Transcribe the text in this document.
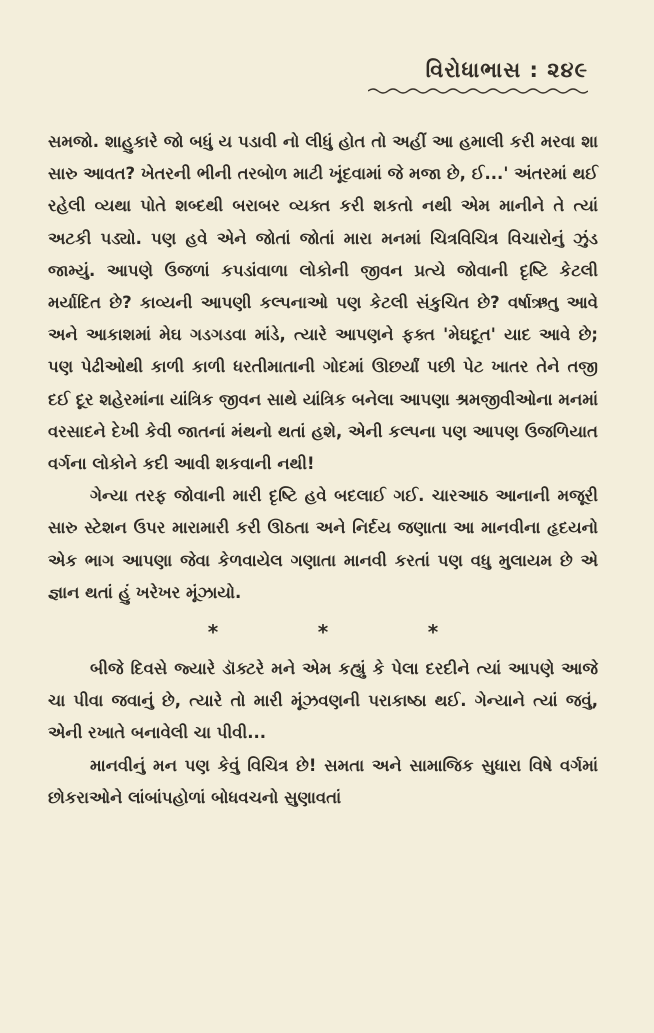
વિરોધાભાસ : ૨૪૯

સમજો. શાહુકારે જો બધું ય પડાવી નો લીધું હોત તો અહીં આ હમાલી કરી મરવા શા સારુ આવત? ખેતરની ભીની તરબોળ માટી ખૂંદવામાં જે મજા છે, ઈ...' અંતરમાં થઈ રહેલી વ્યથા પોતે શબ્દથી બરાબર વ્યક્ત કરી શકતો નથી એમ માનીને તે ત્યાં અટકી પડ્યો. પણ હવે એને જોતાં જોતાં મારા મનમાં ચિત્રવિચિત્ર વિચારોનું ઝુંડ જામ્યું. આપણે ઉજળાં કપડાંવાળા લોકોની જીવન પ્રત્યે જોવાની દૃષ્ટિ કેટલી મર્યાદિત છે? કાવ્યની આપણી કલ્પનાઓ પણ કેટલી સંકુચિત છે? વર્ષાઋતુ આવે અને આકાશમાં મેઘ ગડગડવા માંડે, ત્યારે આપણને ફક્ત 'મેઘદૂત' યાદ આવે છે; પણ પેઢીઓથી કાળી કાળી ધરતીમાતાની ગોદમાં ઊછર્યાં પછી પેટ ખાતર તેને તજી દઈ દૂર શહેરમાંના યાંત્રિક જીવન સાથે યાંત્રિક બનેલા આપણા શ્રમજીવીઓના મનમાં વરસાદને દેખી કેવી જાતનાં મંથનો થતાં હશે, એની કલ્પના પણ આપણ ઉજળિયાત વર્ગના લોકોને કદી આવી શકવાની નથી!

ગેન્યા તરફ જોવાની મારી દૃષ્ટિ હવે બદલાઈ ગઈ. ચારઆઠ આનાની મજૂરી સારુ સ્ટેશન ઉપર મારામારી કરી ઊઠતા અને નિર્દય જણાતા આ માનવીના હૃદયનો એક ભાગ આપણા જેવા કેળવાયેલ ગણાતા માનવી કરતાં પણ વધુ મુલાયમ છે એ જ્ઞાન થતાં હું ખરેખર મૂંઝાયો.

*	*	*

બીજે દિવસે જ્યારે ડૉક્ટરે મને એમ કહ્યું કે પેલા દરદીને ત્યાં આપણે આજે ચા પીવા જવાનું છે, ત્યારે તો મારી મૂંઝવણની પરાકાષ્ઠા થઈ. ગેન્યાને ત્યાં જવું, એની રખાતે બનાવેલી ચા પીવી...

માનવીનું મન પણ કેવું વિચિત્ર છે! સમતા અને સામાજિક સુધારા વિષે વર્ગમાં છોકરાઓને લાંબાંપહોળાં બોધવચનો સુણાવતાં
